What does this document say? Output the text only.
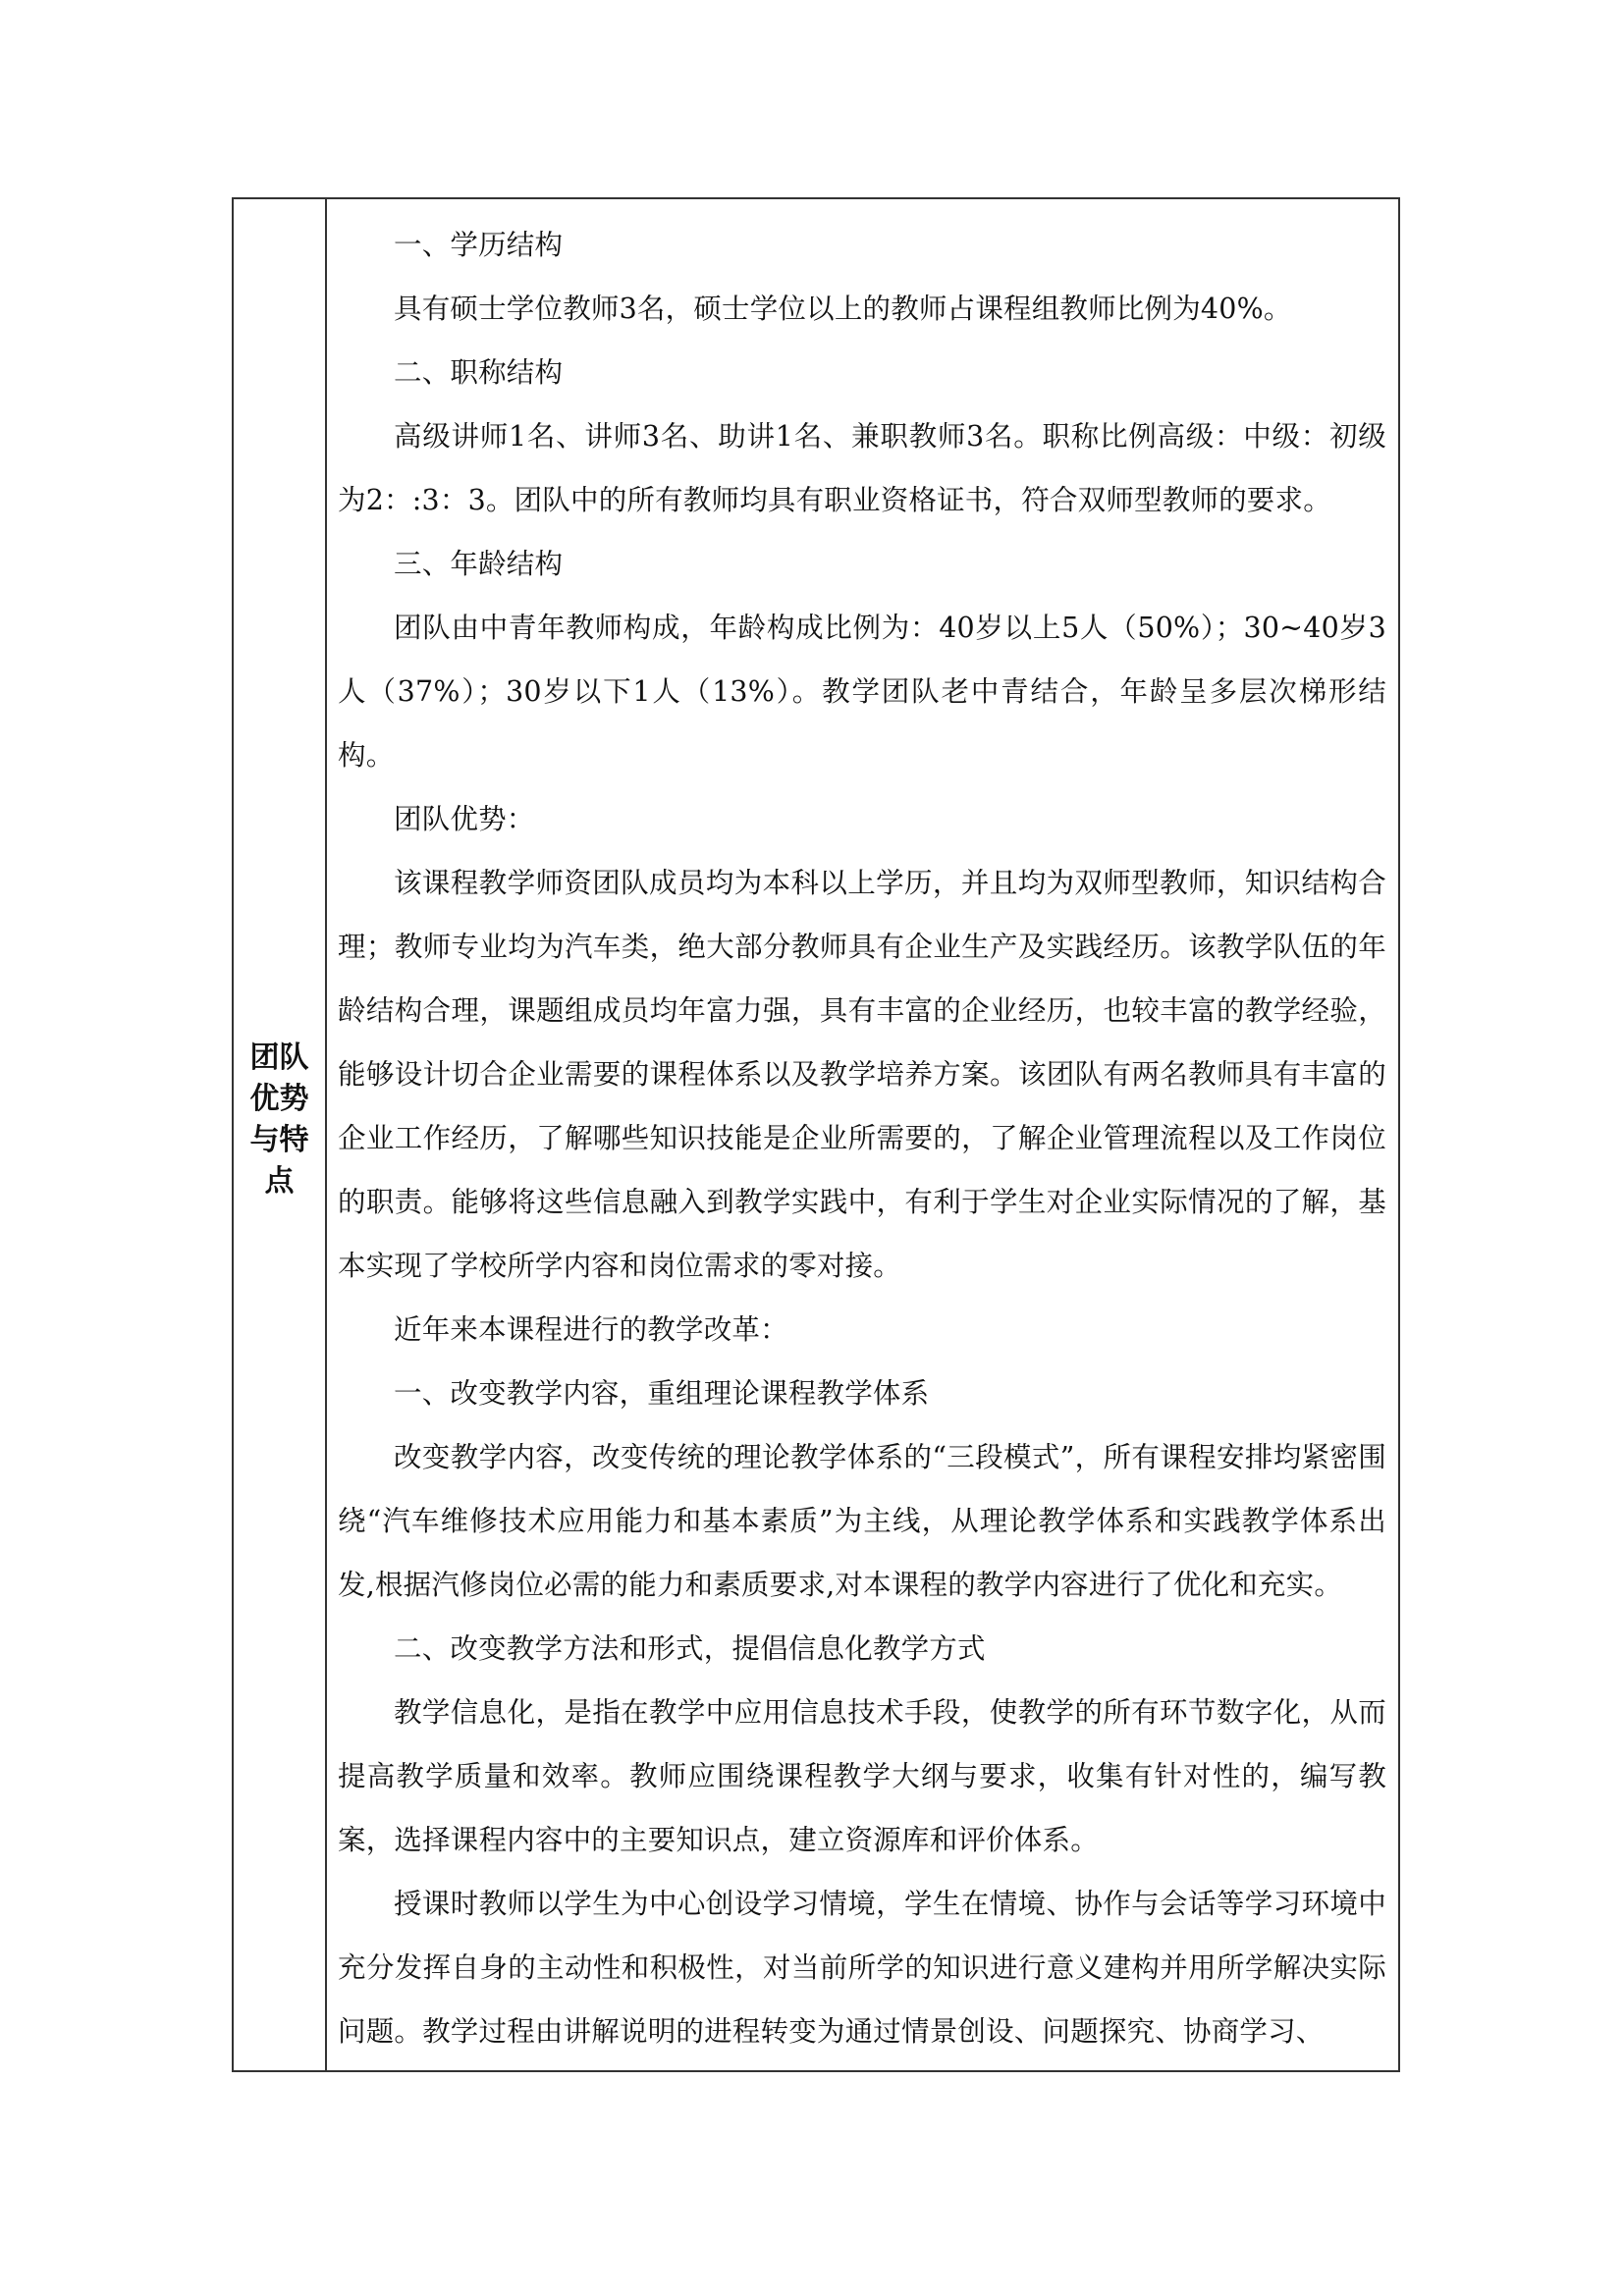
团队优势与特点

一、学历结构

具有硕士学位教师3名，硕士学位以上的教师占课程组教师比例为40%。

二、职称结构

高级讲师1名、讲师3名、助讲1名、兼职教师3名。职称比例高级：中级：初级为2：:3：3。团队中的所有教师均具有职业资格证书，符合双师型教师的要求。

三、年龄结构

团队由中青年教师构成，年龄构成比例为：40岁以上5人（50%）；30~40岁3人（37%）；30岁以下1人（13%）。教学团队老中青结合，年龄呈多层次梯形结构。

团队优势：

该课程教学师资团队成员均为本科以上学历，并且均为双师型教师，知识结构合理；教师专业均为汽车类，绝大部分教师具有企业生产及实践经历。该教学队伍的年龄结构合理，课题组成员均年富力强，具有丰富的企业经历，也较丰富的教学经验，能够设计切合企业需要的课程体系以及教学培养方案。该团队有两名教师具有丰富的企业工作经历，了解哪些知识技能是企业所需要的，了解企业管理流程以及工作岗位的职责。能够将这些信息融入到教学实践中，有利于学生对企业实际情况的了解，基本实现了学校所学内容和岗位需求的零对接。

近年来本课程进行的教学改革：

一、改变教学内容，重组理论课程教学体系

改变教学内容，改变传统的理论教学体系的“三段模式”，所有课程安排均紧密围绕“汽车维修技术应用能力和基本素质”为主线，从理论教学体系和实践教学体系出发,根据汽修岗位必需的能力和素质要求,对本课程的教学内容进行了优化和充实。

二、改变教学方法和形式，提倡信息化教学方式

教学信息化，是指在教学中应用信息技术手段，使教学的所有环节数字化，从而提高教学质量和效率。教师应围绕课程教学大纲与要求，收集有针对性的，编写教案，选择课程内容中的主要知识点，建立资源库和评价体系。

授课时教师以学生为中心创设学习情境，学生在情境、协作与会话等学习环境中充分发挥自身的主动性和积极性，对当前所学的知识进行意义建构并用所学解决实际问题。教学过程由讲解说明的进程转变为通过情景创设、问题探究、协商学习、
